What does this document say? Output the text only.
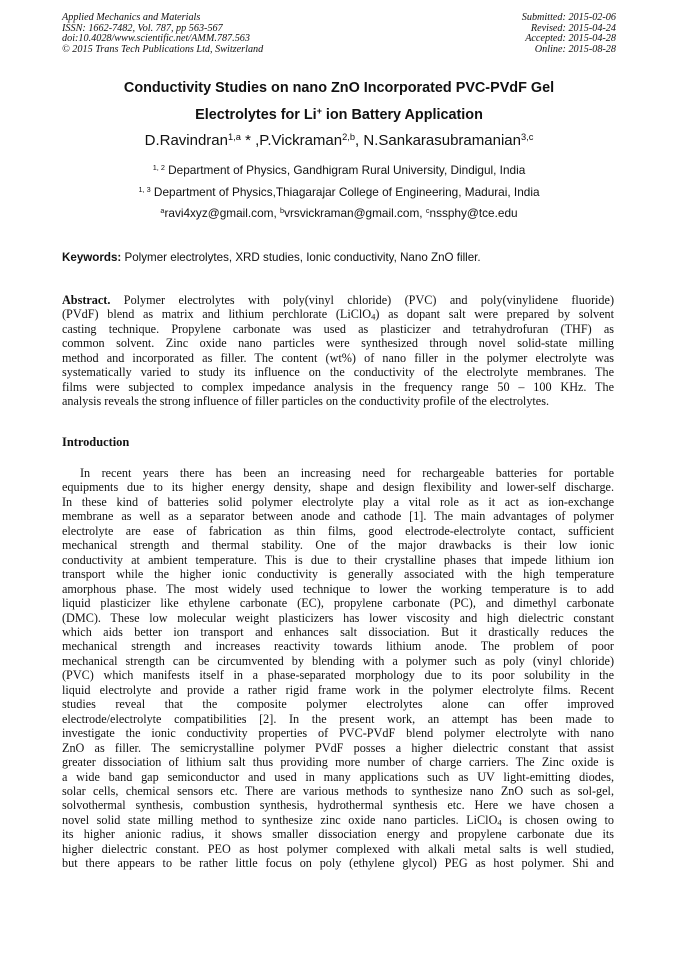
Applied Mechanics and Materials
ISSN: 1662-7482, Vol. 787, pp 563-567
doi:10.4028/www.scientific.net/AMM.787.563
© 2015 Trans Tech Publications Ltd, Switzerland
Submitted: 2015-02-06
Revised: 2015-04-24
Accepted: 2015-04-28
Online: 2015-08-28
Conductivity Studies on nano ZnO Incorporated PVC-PVdF Gel
Electrolytes for Li+ ion Battery Application
D.Ravindran$^{1,a}$ * ,P.Vickraman$^{2,b}$, N.Sankarasubramanian$^{3,c}$
$^{1, 2}$ Department of Physics, Gandhigram Rural University, Dindigul, India
$^{1, 3}$ Department of Physics,Thiagarajar College of Engineering, Madurai, India
$^a$ravi4xyz@gmail.com, $^b$vrsvickraman@gmail.com, $^c$nssphy@tce.edu
Keywords: Polymer electrolytes, XRD studies, Ionic conductivity, Nano ZnO filler.
Abstract. Polymer electrolytes with poly(vinyl chloride) (PVC) and poly(vinylidene fluoride)
(PVdF) blend as matrix and lithium perchlorate (LiClO$_4$) as dopant salt were prepared by solvent
casting technique. Propylene carbonate was used as plasticizer and tetrahydrofuran (THF) as
common solvent. Zinc oxide nano particles were synthesized through novel solid-state milling
method and incorporated as filler. The content (wt%) of nano filler in the polymer electrolyte was
systematically varied to study its influence on the conductivity of the electrolyte membranes. The
films were subjected to complex impedance analysis in the frequency range 50 – 100 KHz. The
analysis reveals the strong influence of filler particles on the conductivity profile of the electrolytes.
Introduction
In recent years there has been an increasing need for rechargeable batteries for portable
equipments due to its higher energy density, shape and design flexibility and lower-self discharge.
In these kind of batteries solid polymer electrolyte play a vital role as it act as ion-exchange
membrane as well as a separator between anode and cathode [1]. The main advantages of polymer
electrolyte are ease of fabrication as thin films, good electrode-electrolyte contact, sufficient
mechanical strength and thermal stability. One of the major drawbacks is their low ionic
conductivity at ambient temperature. This is due to their crystalline phases that impede lithium ion
transport while the higher ionic conductivity is generally associated with the high temperature
amorphous phase. The most widely used technique to lower the working temperature is to add
liquid plasticizer like ethylene carbonate (EC), propylene carbonate (PC), and dimethyl carbonate
(DMC). These low molecular weight plasticizers has lower viscosity and high dielectric constant
which aids better ion transport and enhances salt dissociation. But it drastically reduces the
mechanical strength and increases reactivity towards lithium anode. The problem of poor
mechanical strength can be circumvented by blending with a polymer such as poly (vinyl chloride)
(PVC) which manifests itself in a phase-separated morphology due to its poor solubility in the
liquid electrolyte and provide a rather rigid frame work in the polymer electrolyte films. Recent
studies reveal that the composite polymer electrolytes alone can offer improved
electrode/electrolyte compatibilities [2]. In the present work, an attempt has been made to
investigate the ionic conductivity properties of PVC-PVdF blend polymer electrolyte with nano
ZnO as filler. The semicrystalline polymer PVdF posses a higher dielectric constant that assist
greater dissociation of lithium salt thus providing more number of charge carriers. The Zinc oxide is
a wide band gap semiconductor and used in many applications such as UV light-emitting diodes,
solar cells, chemical sensors etc. There are various methods to synthesize nano ZnO such as sol-gel,
solvothermal synthesis, combustion synthesis, hydrothermal synthesis etc. Here we have chosen a
novel solid state milling method to synthesize zinc oxide nano particles. LiClO$_4$ is chosen owing to
its higher anionic radius, it shows smaller dissociation energy and propylene carbonate due its
higher dielectric constant. PEO as host polymer complexed with alkali metal salts is well studied,
but there appears to be rather little focus on poly (ethylene glycol) PEG as host polymer. Shi and
